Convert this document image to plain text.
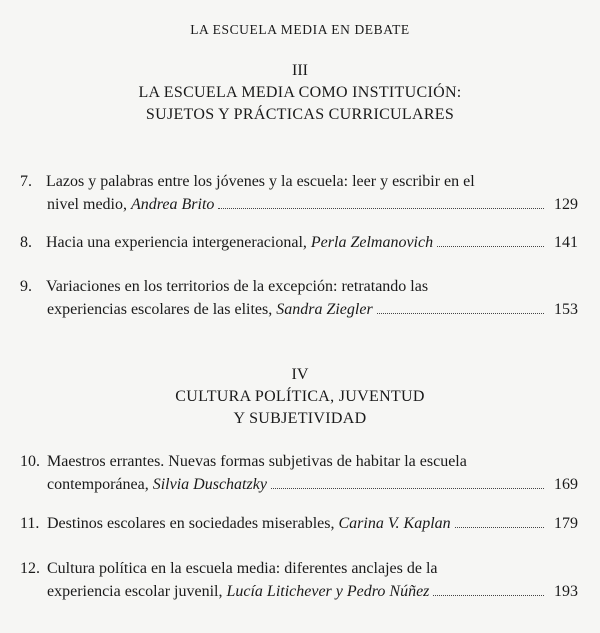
LA ESCUELA MEDIA EN DEBATE
III
LA ESCUELA MEDIA COMO INSTITUCIÓN:
SUJETOS Y PRÁCTICAS CURRICULARES
7. Lazos y palabras entre los jóvenes y la escuela: leer y escribir en el
nivel medio,
Andrea Brito	129
8. Hacia una experiencia intergeneracional,
Perla Zelmanovich	141
9. Variaciones en los territorios de la excepción: retratando las
experiencias escolares de las elites,
Sandra Ziegler	153
IV
CULTURA POLÍTICA, JUVENTUD
Y SUBJETIVIDAD
10. Maestros errantes. Nuevas formas subjetivas de habitar la escuela
contemporánea,
Silvia Duschatzky	169
11. Destinos escolares en sociedades miserables,
Carina V. Kaplan	179
12. Cultura política en la escuela media: diferentes anclajes de la
experiencia escolar juvenil,
Lucía Litichever y Pedro Núñez	193
